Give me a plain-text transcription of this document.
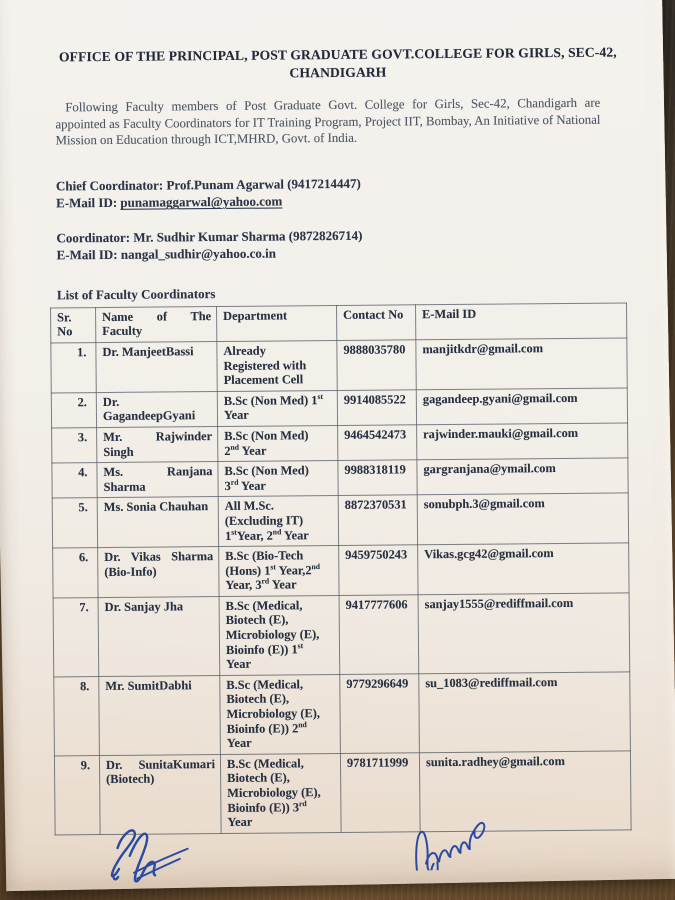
OFFICE OF THE PRINCIPAL, POST GRADUATE GOVT.COLLEGE FOR GIRLS, SEC-42,
CHANDIGARH

Following Faculty members of Post Graduate Govt. College for Girls, Sec-42, Chandigarh are appointed as Faculty Coordinators for IT Training Program, Project IIT, Bombay, An Initiative of National Mission on Education through ICT,MHRD, Govt. of India.

Chief Coordinator: Prof.Punam Agarwal (9417214447)
E-Mail ID: punamaggarwal@yahoo.com
Coordinator: Mr. Sudhir Kumar Sharma (9872826714)
E-Mail ID: nangal_sudhir@yahoo.co.in
List of Faculty Coordinators
Sr.
No	Name of The Faculty	Department	Contact No	E-Mail ID
1.	Dr. ManjeetBassi	Already
Registered with
Placement Cell	9888035780	manjitkdr@gmail.com
2.	Dr. GagandeepGyani	B.Sc (Non Med) 1st
Year	9914085522	gagandeep.gyani@gmail.com
3.	Mr. Rajwinder Singh	B.Sc (Non Med)
2nd Year	9464542473	rajwinder.mauki@gmail.com
4.	Ms. Ranjana Sharma	B.Sc (Non Med)
3rd Year	9988318119	gargranjana@ymail.com
5.	Ms. Sonia Chauhan	All M.Sc.
(Excluding IT)
1stYear, 2nd Year	8872370531	sonubph.3@gmail.com
6.	Dr. Vikas Sharma (Bio-Info)	B.Sc (Bio-Tech
(Hons) 1st Year,2nd
Year, 3rd Year	9459750243	Vikas.gcg42@gmail.com
7.	Dr. Sanjay Jha	B.Sc (Medical,
Biotech (E),
Microbiology (E),
Bioinfo (E)) 1st
Year	9417777606	sanjay1555@rediffmail.com
8.	Mr. SumitDabhi	B.Sc (Medical,
Biotech (E),
Microbiology (E),
Bioinfo (E)) 2nd
Year	9779296649	su_1083@rediffmail.com
9.	Dr. SunitaKumari (Biotech)	B.Sc (Medical,
Biotech (E),
Microbiology (E),
Bioinfo (E)) 3rd
Year	9781711999	sunita.radhey@gmail.com
